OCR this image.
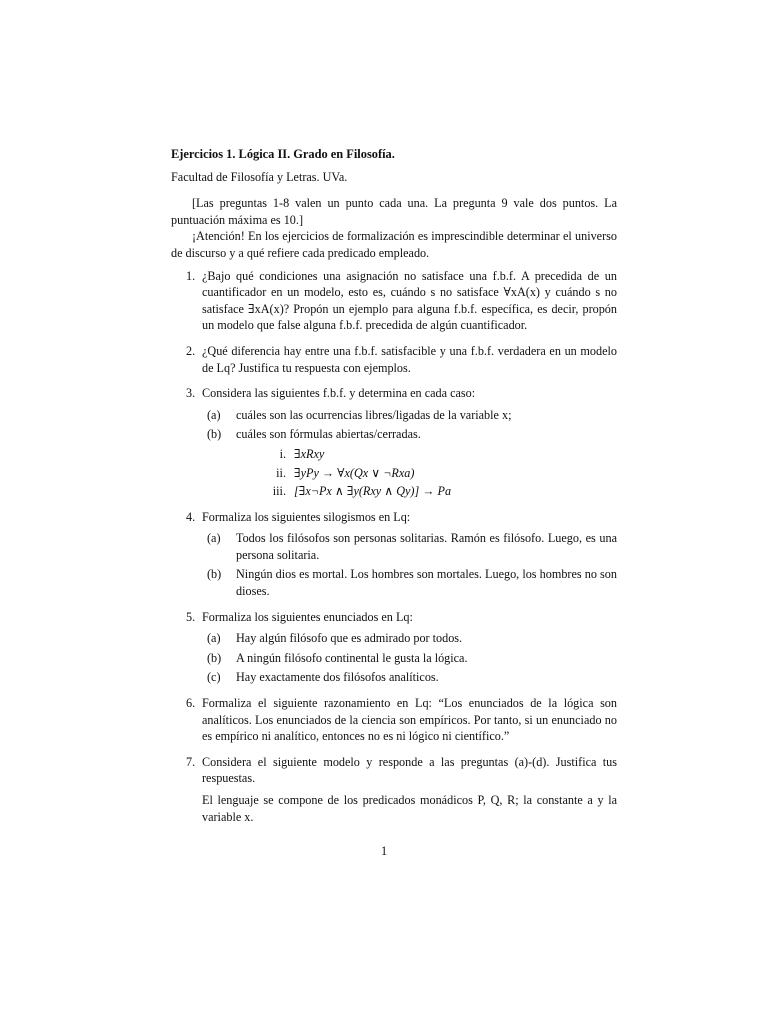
Ejercicios 1. Lógica II. Grado en Filosofía.

Facultad de Filosofía y Letras. UVa.

[Las preguntas 1-8 valen un punto cada una. La pregunta 9 vale dos puntos. La puntuación máxima es 10.]

¡Atención! En los ejercicios de formalización es imprescindible determinar el universo de discurso y a qué refiere cada predicado empleado.

1. ¿Bajo qué condiciones una asignación no satisface una f.b.f. A precedida de un cuantificador en un modelo, esto es, cuándo s no satisface ∀xA(x) y cuándo s no satisface ∃xA(x)? Propón un ejemplo para alguna f.b.f. específica, es decir, propón un modelo que false alguna f.b.f. precedida de algún cuantificador.

2. ¿Qué diferencia hay entre una f.b.f. satisfacible y una f.b.f. verdadera en un modelo de Lq? Justifica tu respuesta con ejemplos.

3. Considera las siguientes f.b.f. y determina en cada caso:

(a) cuáles son las ocurrencias libres/ligadas de la variable x;
(b) cuáles son fórmulas abiertas/cerradas.
i. ∃xRxy
ii. ∃yPy → ∀x(Qx ∨ ¬Rxa)
iii. [∃x¬Px ∧ ∃y(Rxy ∧ Qy)] → Pa
4. Formaliza los siguientes silogismos en Lq:

(a) Todos los filósofos son personas solitarias. Ramón es filósofo. Luego, es una persona solitaria.
(b) Ningún dios es mortal. Los hombres son mortales. Luego, los hombres no son dioses.
5. Formaliza los siguientes enunciados en Lq:

(a) Hay algún filósofo que es admirado por todos.
(b) A ningún filósofo continental le gusta la lógica.
(c) Hay exactamente dos filósofos analíticos.
6. Formaliza el siguiente razonamiento en Lq: “Los enunciados de la lógica son analíticos. Los enunciados de la ciencia son empíricos. Por tanto, si un enunciado no es empírico ni analítico, entonces no es ni lógico ni científico.”

7. Considera el siguiente modelo y responde a las preguntas (a)-(d). Justifica tus respuestas.

El lenguaje se compone de los predicados monádicos P, Q, R; la constante a y la variable x.

1
